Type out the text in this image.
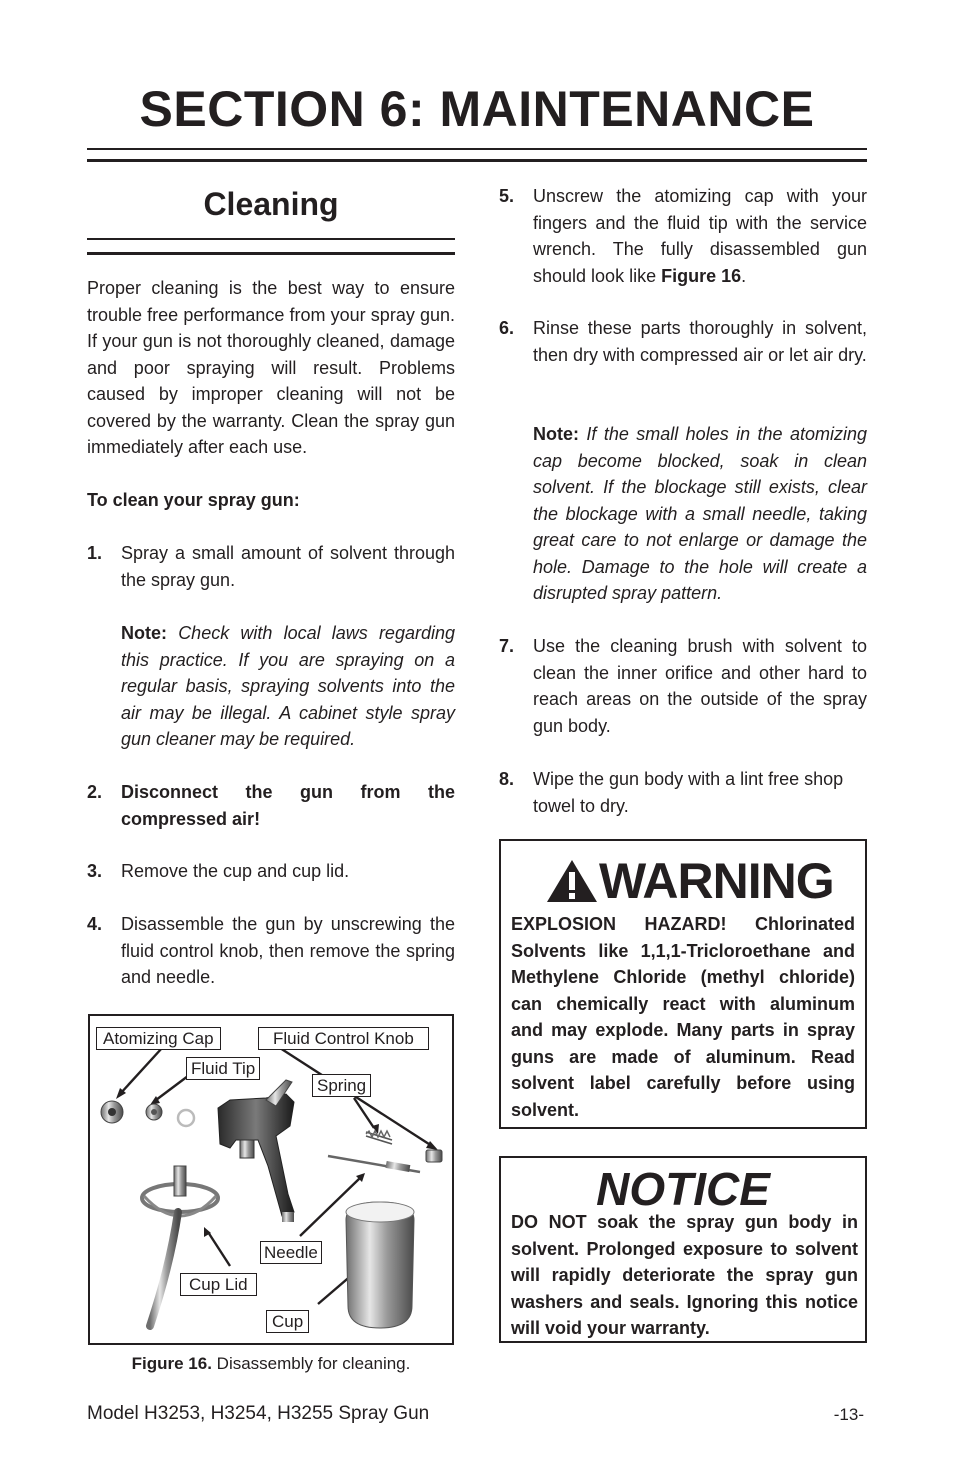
SECTION 6: MAINTENANCE
Cleaning
Proper cleaning is the best way to ensure trouble free performance from your spray gun. If your gun is not thoroughly cleaned, damage and poor spraying will result. Problems caused by improper cleaning will not be covered by the warranty. Clean the spray gun immediately after each use.
To clean your spray gun:
1. Spray a small amount of solvent through the spray gun.
Note: Check with local laws regarding this practice. If you are spraying on a regular basis, spraying solvents into the air may be illegal. A cabinet style spray gun cleaner may be required.
2. Disconnect the gun from the compressed air!
3. Remove the cup and cup lid.
4. Disassemble the gun by unscrewing the fluid control knob, then remove the spring and needle.
Atomizing Cap	Fluid Control Knob
Fluid Tip
Spring
Needle
Cup Lid
Cup
Figure 16. Disassembly for cleaning.
5. Unscrew the atomizing cap with your fingers and the fluid tip with the service wrench. The fully disassembled gun should look like Figure 16.
6. Rinse these parts thoroughly in solvent, then dry with compressed air or let air dry.
Note: If the small holes in the atomizing cap become blocked, soak in clean solvent. If the blockage still exists, clear the blockage with a small needle, taking great care to not enlarge or damage the hole. Damage to the hole will create a disrupted spray pattern.
7. Use the cleaning brush with solvent to clean the inner orifice and other hard to reach areas on the outside of the spray gun body.
8. Wipe the gun body with a lint free shop towel to dry.
WARNING
EXPLOSION HAZARD! Chlorinated Solvents like 1,1,1-Tricloroethane and Methylene Chloride (methyl chloride) can chemically react with aluminum and may explode. Many parts in spray guns are made of aluminum. Read solvent label carefully before using solvent.
NOTICE
DO NOT soak the spray gun body in solvent. Prolonged exposure to solvent will rapidly deteriorate the spray gun washers and seals. Ignoring this notice will void your warranty.
Model H3253, H3254, H3255 Spray Gun	-13-
